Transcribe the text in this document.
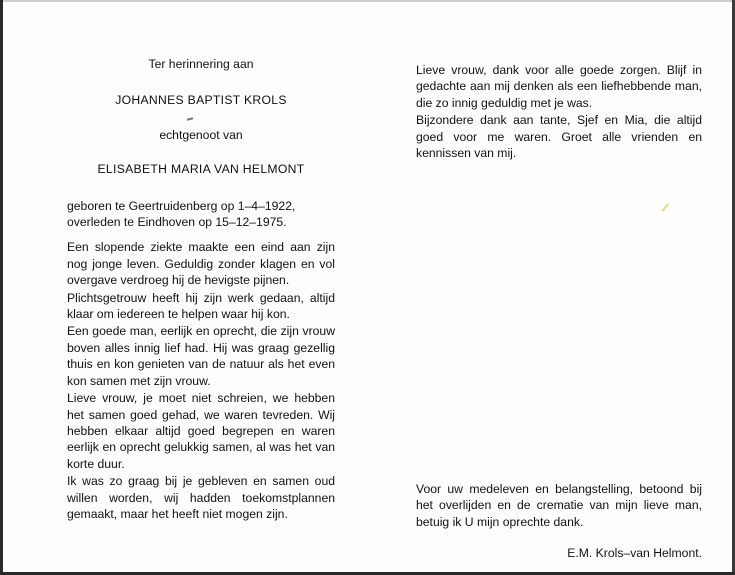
Ter herinnering aan

JOHANNES BAPTIST KROLS

echtgenoot van

ELISABETH MARIA VAN HELMONT

geboren te Geertruidenberg op 1–4–1922,

overleden te Eindhoven op 15–12–1975.

Een slopende ziekte maakte een eind aan zijn nog jonge leven. Geduldig zonder klagen en vol overgave verdroeg hij de hevigste pijnen.

Plichtsgetrouw heeft hij zijn werk gedaan, altijd klaar om iedereen te helpen waar hij kon.

Een goede man, eerlijk en oprecht, die zijn vrouw boven alles innig lief had. Hij was graag gezellig thuis en kon genieten van de natuur als het even kon samen met zijn vrouw.

Lieve vrouw, je moet niet schreien, we hebben het samen goed gehad, we waren tevreden. Wij hebben elkaar altijd goed begrepen en waren eerlijk en oprecht gelukkig samen, al was het van korte duur.

Ik was zo graag bij je gebleven en samen oud willen worden, wij hadden toekomstplannen gemaakt, maar het heeft niet mogen zijn.

Lieve vrouw, dank voor alle goede zorgen. Blijf in gedachte aan mij denken als een liefhebbende man, die zo innig geduldig met je was.

Bijzondere dank aan tante, Sjef en Mia, die altijd goed voor me waren. Groet alle vrienden en kennissen van mij.

⁄⁄

Voor uw medeleven en belangstelling, betoond bij het overlijden en de crematie van mijn lieve man, betuig ik U mijn oprechte dank.

E.M. Krols–van Helmont.
